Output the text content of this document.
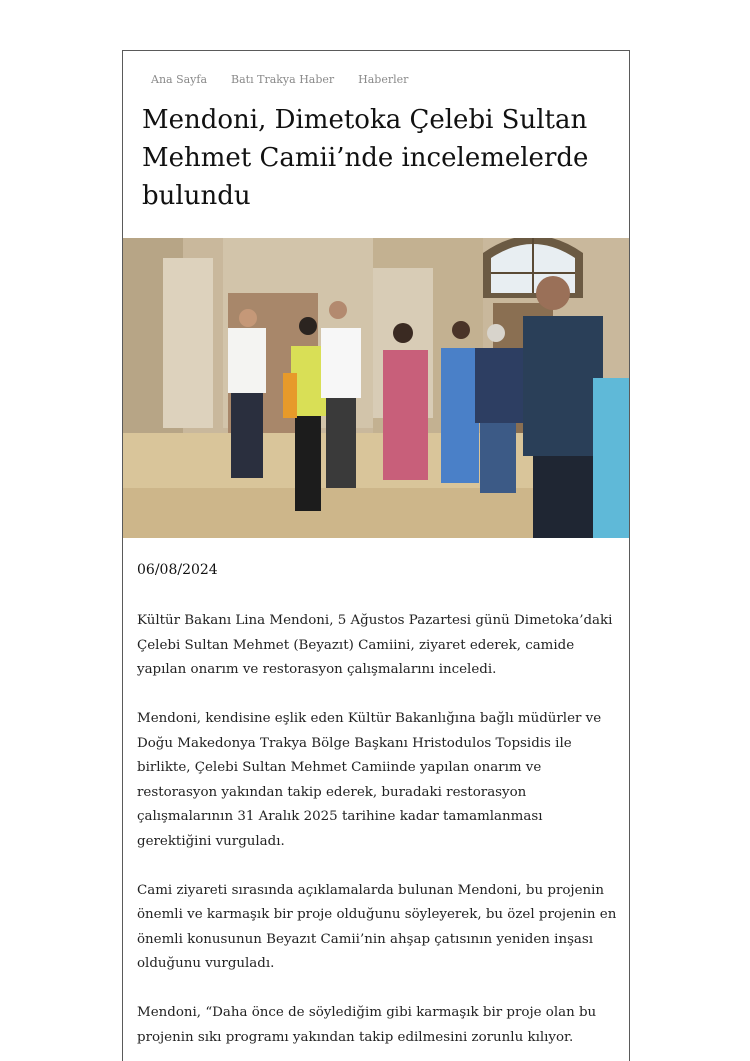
Ana Sayfa Batı Trakya Haber Haberler
Mendoni, Dimetoka Çelebi Sultan Mehmet Camii’nde incelemelerde bulundu
06/08/2024

Kültür Bakanı Lina Mendoni, 5 Ağustos Pazartesi günü Dimetoka’daki Çelebi Sultan Mehmet (Beyazıt) Camiini, ziyaret ederek, camide yapılan onarım ve restorasyon çalışmalarını inceledi.

Mendoni, kendisine eşlik eden Kültür Bakanlığına bağlı müdürler ve Doğu Makedonya Trakya Bölge Başkanı Hristodulos Topsidis ile birlikte, Çelebi Sultan Mehmet Camiinde yapılan onarım ve restorasyon yakından takip ederek, buradaki restorasyon çalışmalarının 31 Aralık 2025 tarihine kadar tamamlanması gerektiğini vurguladı.

Cami ziyareti sırasında açıklamalarda bulunan Mendoni, bu projenin önemli ve karmaşık bir proje olduğunu söyleyerek, bu özel projenin en önemli konusunun Beyazıt Camii’nin ahşap çatısının yeniden inşası olduğunu vurguladı.

Mendoni, “Daha önce de söylediğim gibi karmaşık bir proje olan bu projenin sıkı programı yakından takip edilmesini zorunlu kılıyor.
